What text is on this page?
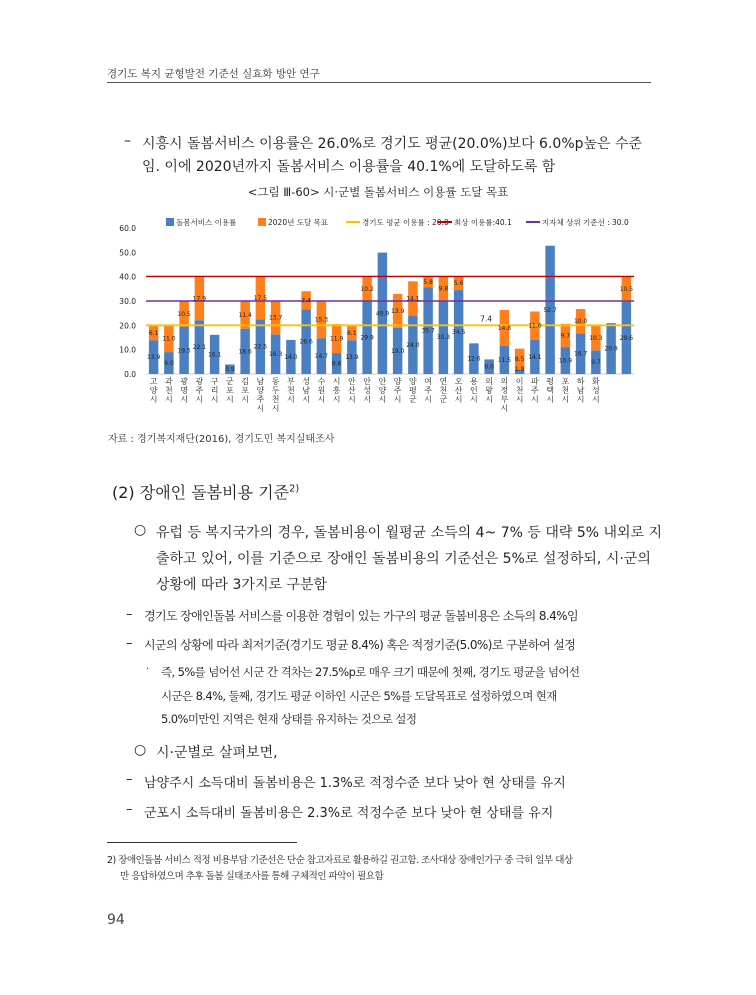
경기도 복지 균형발전 기준선 실효화 방안 연구
– 시흥시 돌봄서비스 이용률은 26.0%로 경기도 평균(20.0%)보다 6.0%p높은 수준
임. 이에 2020년까지 돌봄서비스 이용률을 40.1%에 도달하도록 함
<그림 Ⅲ-60> 시·군별 돌봄서비스 이용률 도달 목표
돌봄서비스 이용률	2020년 도달 목표	경기도 평균 이용률 : 20.0 최상 이용률:40.1	지자체 상위 기준선 : 30.0
60.0
50.0
40.0
30.0
20.0
10.0
0.0
6.1
13.9
11.0
9.0
10.5
19.5
17.9
22.1
16.1
3.9
11.4
18.6
17.5
22.5
13.7
16.3 14.0
7.4
26.6
15.3
14.7
11.9
8.6
6.1
13.9
10.2
29.9
49.9 13.9
19.0
14.1
24.0
5.8
35.7
9.8
30.3
5.6
34.5
12.6
6.0
14.8
11.5 8.5
1.9
11.6
14.1
52.7
9.7
10.9
10.0
16.7
10.3
9.7
20.9
10.5
29.6
7.4
고
양
시
과
천
시
광
명
시
광
주
시
구
리
시
군
포
시
김
포
시
남
양
주
시
동
두
천
시
부
천
시
성
남
시
수
원
시
시
흥
시
안
산
시
안
성
시
안
양
시
양
주
시
양
평
군
여
주
시
연
천
군
오
산
시
용
인
시
의
왕
시
의
정
부
시
이
천
시
파
주
시
평
택
시
포
천
시
하
남
시
화
성
시
자료 : 경기복지재단(2016), 경기도민 복지실태조사
(2) 장애인 돌봄비용 기준$^{2)}$
○ 유럽 등 복지국가의 경우, 돌봄비용이 월평균 소득의 4~ 7% 등 대략 5% 내외로 지
출하고 있어, 이를 기준으로 장애인 돌봄비용의 기준선은 5%로 설정하되, 시·군의
상황에 따라 3가지로 구분함
– 경기도 장애인돌봄 서비스를 이용한 경험이 있는 가구의 평균 돌봄비용은 소득의 8.4%임
– 시군의 상황에 따라 최저기준(경기도 평균 8.4%) 혹은 적정기준(5.0%)로 구분하여 설정
· 즉, 5%를 넘어선 시군 간 격차는 27.5%p로 매우 크기 때문에 첫째, 경기도 평균을 넘어선
시군은 8.4%, 둘째, 경기도 평균 이하인 시군은 5%를 도달목표로 설정하였으며 현재
5.0%미만인 지역은 현재 상태를 유지하는 것으로 설정
○ 시·군별로 살펴보면,
– 남양주시 소득대비 돌봄비용은 1.3%로 적정수준 보다 낮아 현 상태를 유지
– 군포시 소득대비 돌봄비용은 2.3%로 적정수준 보다 낮아 현 상태를 유지
2) 장애인돌봄 서비스 적정 비용부담 기준선은 단순 참고자료로 활용하길 권고함. 조사대상 장애인가구 중 극히 일부 대상
만 응답하였으며 추후 돌봄 실태조사를 통해 구체적인 파악이 필요함
94
